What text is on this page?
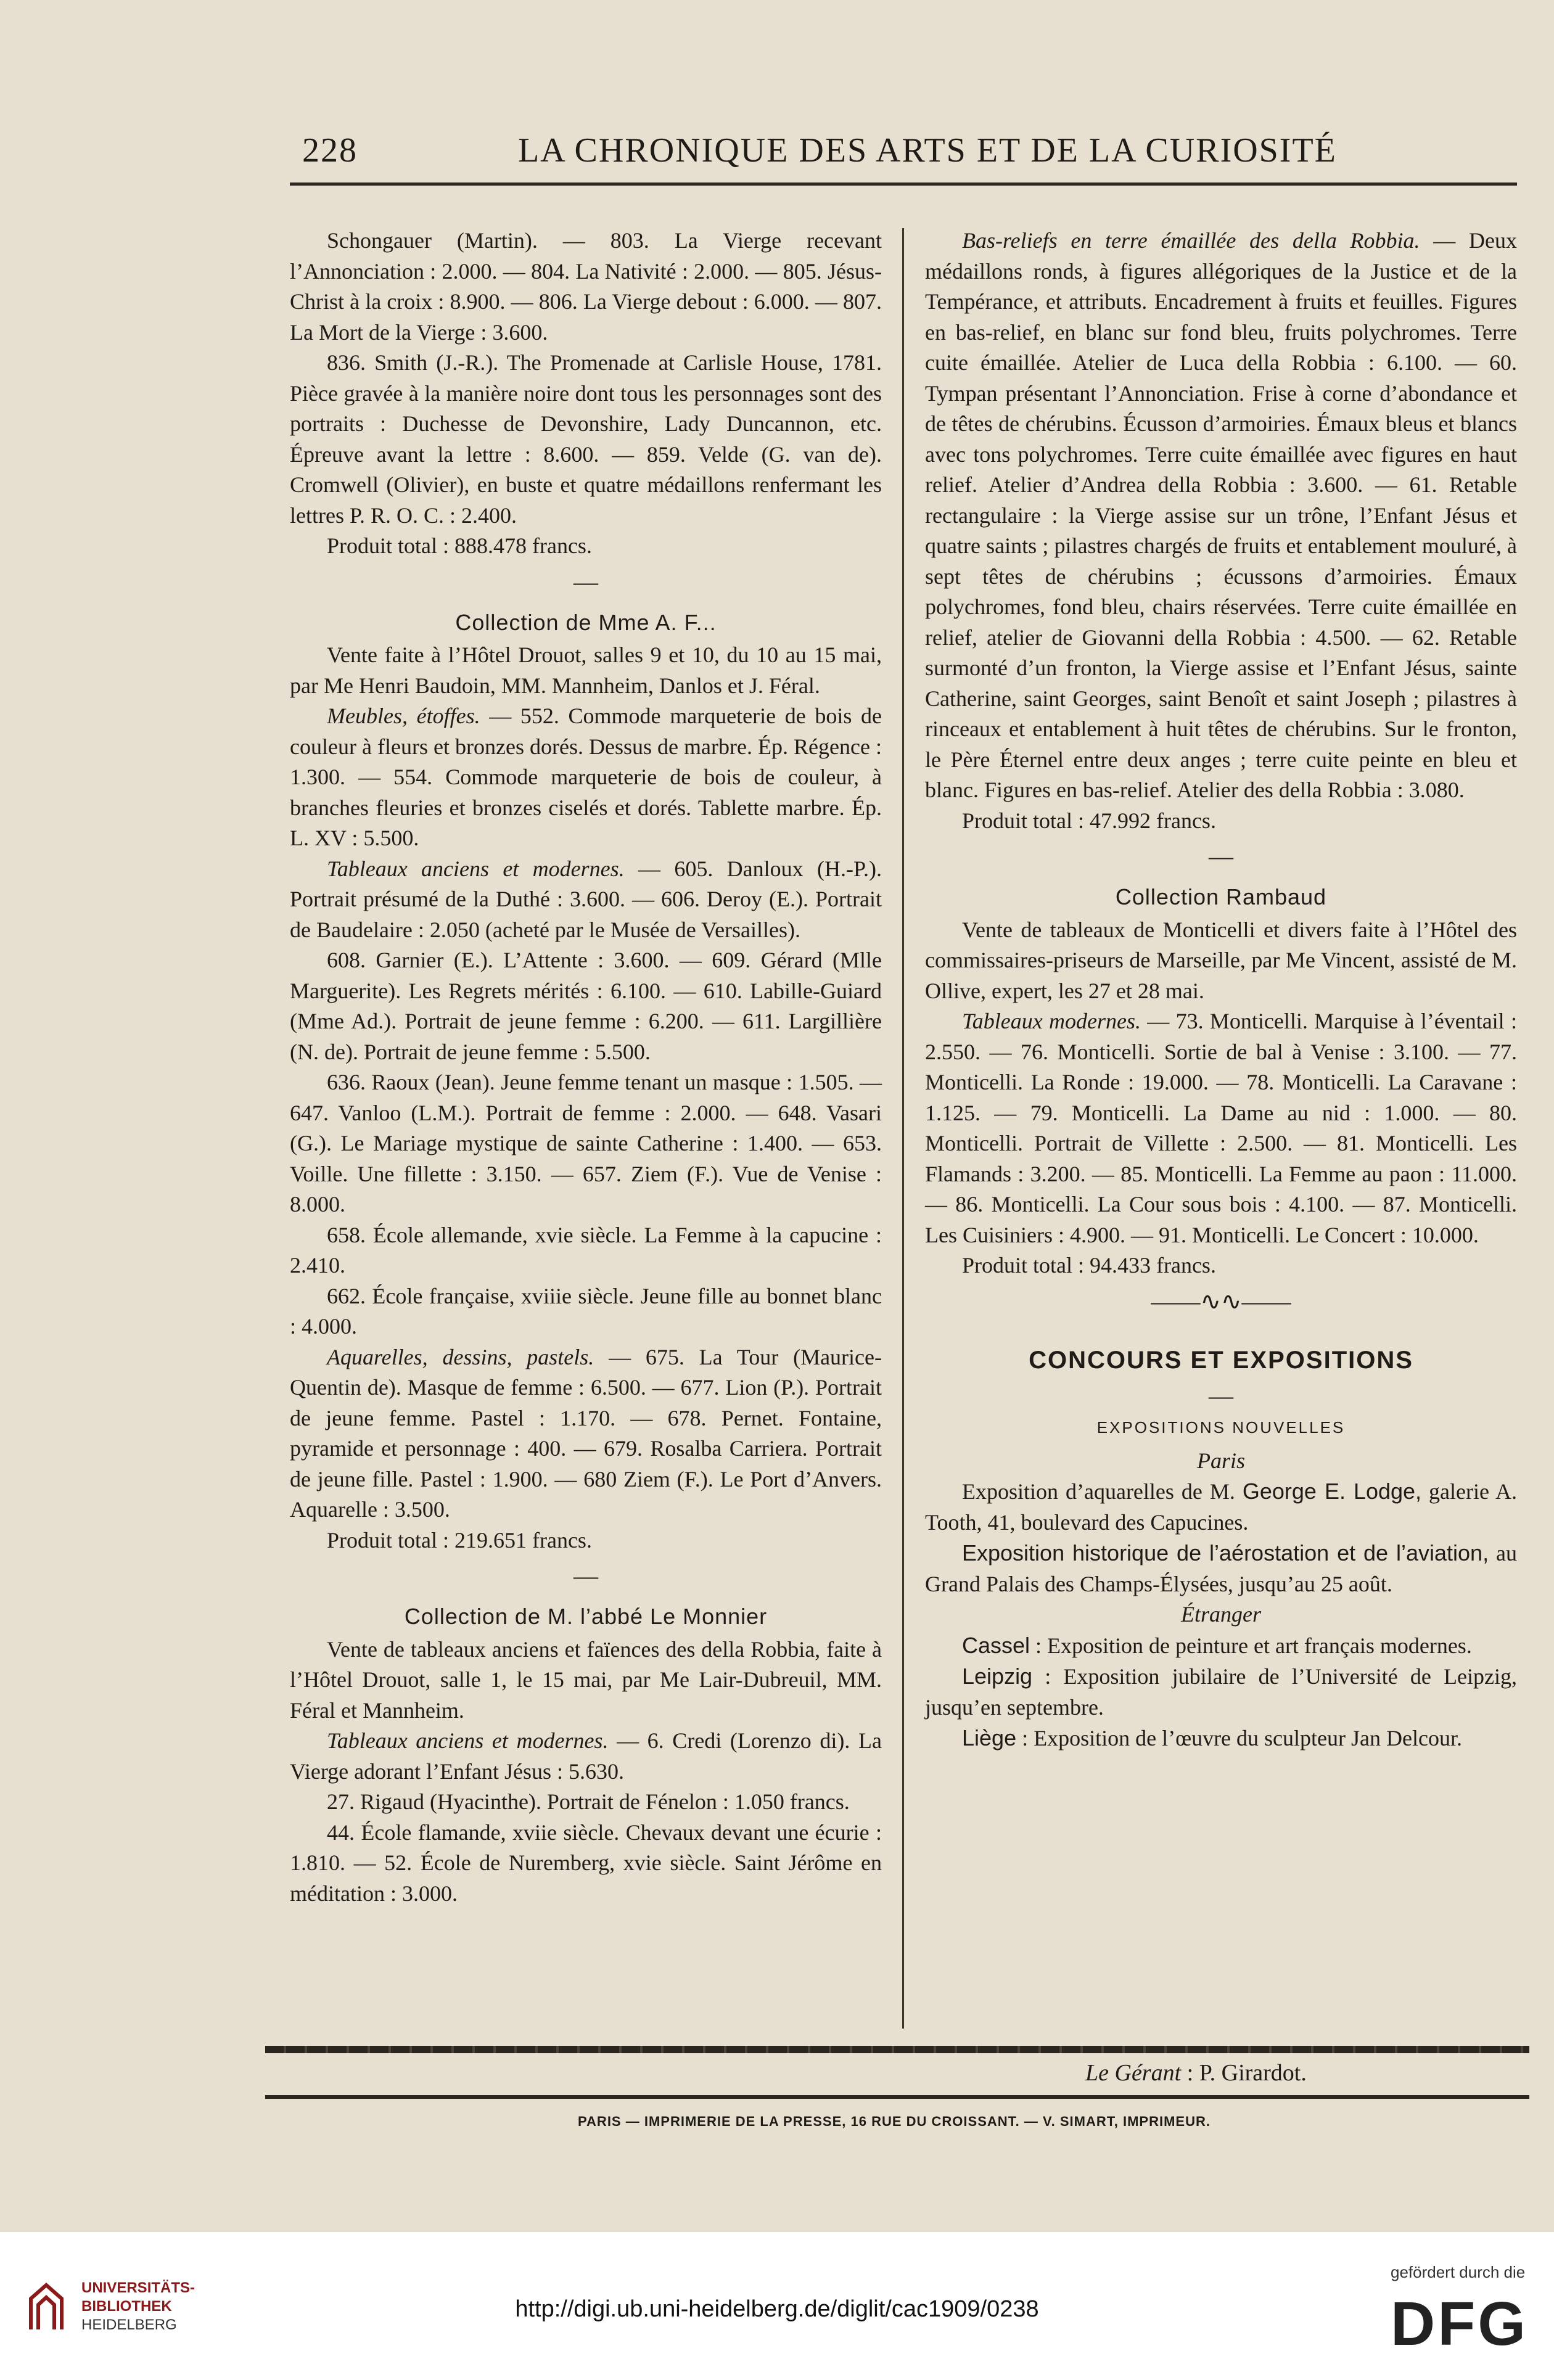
228	LA CHRONIQUE DES ARTS ET DE LA CURIOSITÉ

Schongauer (Martin). — 803. La Vierge recevant l’Annonciation : 2.000. — 804. La Nativité : 2.000. — 805. Jésus-Christ à la croix : 8.900. — 806. La Vierge debout : 6.000. — 807. La Mort de la Vierge : 3.600.

836. Smith (J.-R.). The Promenade at Carlisle House, 1781. Pièce gravée à la manière noire dont tous les personnages sont des portraits : Duchesse de Devonshire, Lady Duncannon, etc. Épreuve avant la lettre : 8.600. — 859. Velde (G. van de). Cromwell (Olivier), en buste et quatre médaillons renfermant les lettres P. R. O. C. : 2.400.

Produit total : 888.478 francs.

—
Collection de Mme A. F...

Vente faite à l’Hôtel Drouot, salles 9 et 10, du 10 au 15 mai, par Me Henri Baudoin, MM. Mannheim, Danlos et J. Féral.

Meubles, étoffes. — 552. Commode marqueterie de bois de couleur à fleurs et bronzes dorés. Dessus de marbre. Ép. Régence : 1.300. — 554. Commode marqueterie de bois de couleur, à branches fleuries et bronzes ciselés et dorés. Tablette marbre. Ép. L. XV : 5.500.

Tableaux anciens et modernes. — 605. Danloux (H.-P.). Portrait présumé de la Duthé : 3.600. — 606. Deroy (E.). Portrait de Baudelaire : 2.050 (acheté par le Musée de Versailles).

608. Garnier (E.). L’Attente : 3.600. — 609. Gérard (Mlle Marguerite). Les Regrets mérités : 6.100. — 610. Labille-Guiard (Mme Ad.). Portrait de jeune femme : 6.200. — 611. Largillière (N. de). Portrait de jeune femme : 5.500.

636. Raoux (Jean). Jeune femme tenant un masque : 1.505. — 647. Vanloo (L.M.). Portrait de femme : 2.000. — 648. Vasari (G.). Le Mariage mystique de sainte Catherine : 1.400. — 653. Voille. Une fillette : 3.150. — 657. Ziem (F.). Vue de Venise : 8.000.

658. École allemande, xvie siècle. La Femme à la capucine : 2.410.

662. École française, xviiie siècle. Jeune fille au bonnet blanc : 4.000.

Aquarelles, dessins, pastels. — 675. La Tour (Maurice-Quentin de). Masque de femme : 6.500. — 677. Lion (P.). Portrait de jeune femme. Pastel : 1.170. — 678. Pernet. Fontaine, pyramide et personnage : 400. — 679. Rosalba Carriera. Portrait de jeune fille. Pastel : 1.900. — 680 Ziem (F.). Le Port d’Anvers. Aquarelle : 3.500.

Produit total : 219.651 francs.

—
Collection de M. l’abbé Le Monnier

Vente de tableaux anciens et faïences des della Robbia, faite à l’Hôtel Drouot, salle 1, le 15 mai, par Me Lair-Dubreuil, MM. Féral et Mannheim.

Tableaux anciens et modernes. — 6. Credi (Lorenzo di). La Vierge adorant l’Enfant Jésus : 5.630.

27. Rigaud (Hyacinthe). Portrait de Fénelon : 1.050 francs.

44. École flamande, xviie siècle. Chevaux devant une écurie : 1.810. — 52. École de Nuremberg, xvie siècle. Saint Jérôme en méditation : 3.000.

Bas-reliefs en terre émaillée des della Robbia. — Deux médaillons ronds, à figures allégoriques de la Justice et de la Tempérance, et attributs. Encadrement à fruits et feuilles. Figures en bas-relief, en blanc sur fond bleu, fruits polychromes. Terre cuite émaillée. Atelier de Luca della Robbia : 6.100. — 60. Tympan présentant l’Annonciation. Frise à corne d’abondance et de têtes de chérubins. Écusson d’armoiries. Émaux bleus et blancs avec tons polychromes. Terre cuite émaillée avec figures en haut relief. Atelier d’Andrea della Robbia : 3.600. — 61. Retable rectangulaire : la Vierge assise sur un trône, l’Enfant Jésus et quatre saints ; pilastres chargés de fruits et entablement mouluré, à sept têtes de chérubins ; écussons d’armoiries. Émaux polychromes, fond bleu, chairs réservées. Terre cuite émaillée en relief, atelier de Giovanni della Robbia : 4.500. — 62. Retable surmonté d’un fronton, la Vierge assise et l’Enfant Jésus, sainte Catherine, saint Georges, saint Benoît et saint Joseph ; pilastres à rinceaux et entablement à huit têtes de chérubins. Sur le fronton, le Père Éternel entre deux anges ; terre cuite peinte en bleu et blanc. Figures en bas-relief. Atelier des della Robbia : 3.080.

Produit total : 47.992 francs.

—
Collection Rambaud

Vente de tableaux de Monticelli et divers faite à l’Hôtel des commissaires-priseurs de Marseille, par Me Vincent, assisté de M. Ollive, expert, les 27 et 28 mai.

Tableaux modernes. — 73. Monticelli. Marquise à l’éventail : 2.550. — 76. Monticelli. Sortie de bal à Venise : 3.100. — 77. Monticelli. La Ronde : 19.000. — 78. Monticelli. La Caravane : 1.125. — 79. Monticelli. La Dame au nid : 1.000. — 80. Monticelli. Portrait de Villette : 2.500. — 81. Monticelli. Les Flamands : 3.200. — 85. Monticelli. La Femme au paon : 11.000. — 86. Monticelli. La Cour sous bois : 4.100. — 87. Monticelli. Les Cuisiniers : 4.900. — 91. Monticelli. Le Concert : 10.000.

Produit total : 94.433 francs.

——∿∿——
CONCOURS ET EXPOSITIONS
—
EXPOSITIONS NOUVELLES

Paris

Exposition d’aquarelles de M. George E. Lodge, galerie A. Tooth, 41, boulevard des Capucines.

Exposition historique de l’aérostation et de l’aviation, au Grand Palais des Champs-Élysées, jusqu’au 25 août.

Étranger

Cassel : Exposition de peinture et art français modernes.

Leipzig : Exposition jubilaire de l’Université de Leipzig, jusqu’en septembre.

Liège : Exposition de l’œuvre du sculpteur Jan Delcour.

Le Gérant : P. Girardot.
PARIS — IMPRIMERIE DE LA PRESSE, 16 RUE DU CROISSANT. — V. SIMART, IMPRIMEUR.
UNIVERSITÄTS-
BIBLIOTHEK
HEIDELBERG
http://digi.ub.uni-heidelberg.de/diglit/cac1909/0238
gefördert durch die
DFG
